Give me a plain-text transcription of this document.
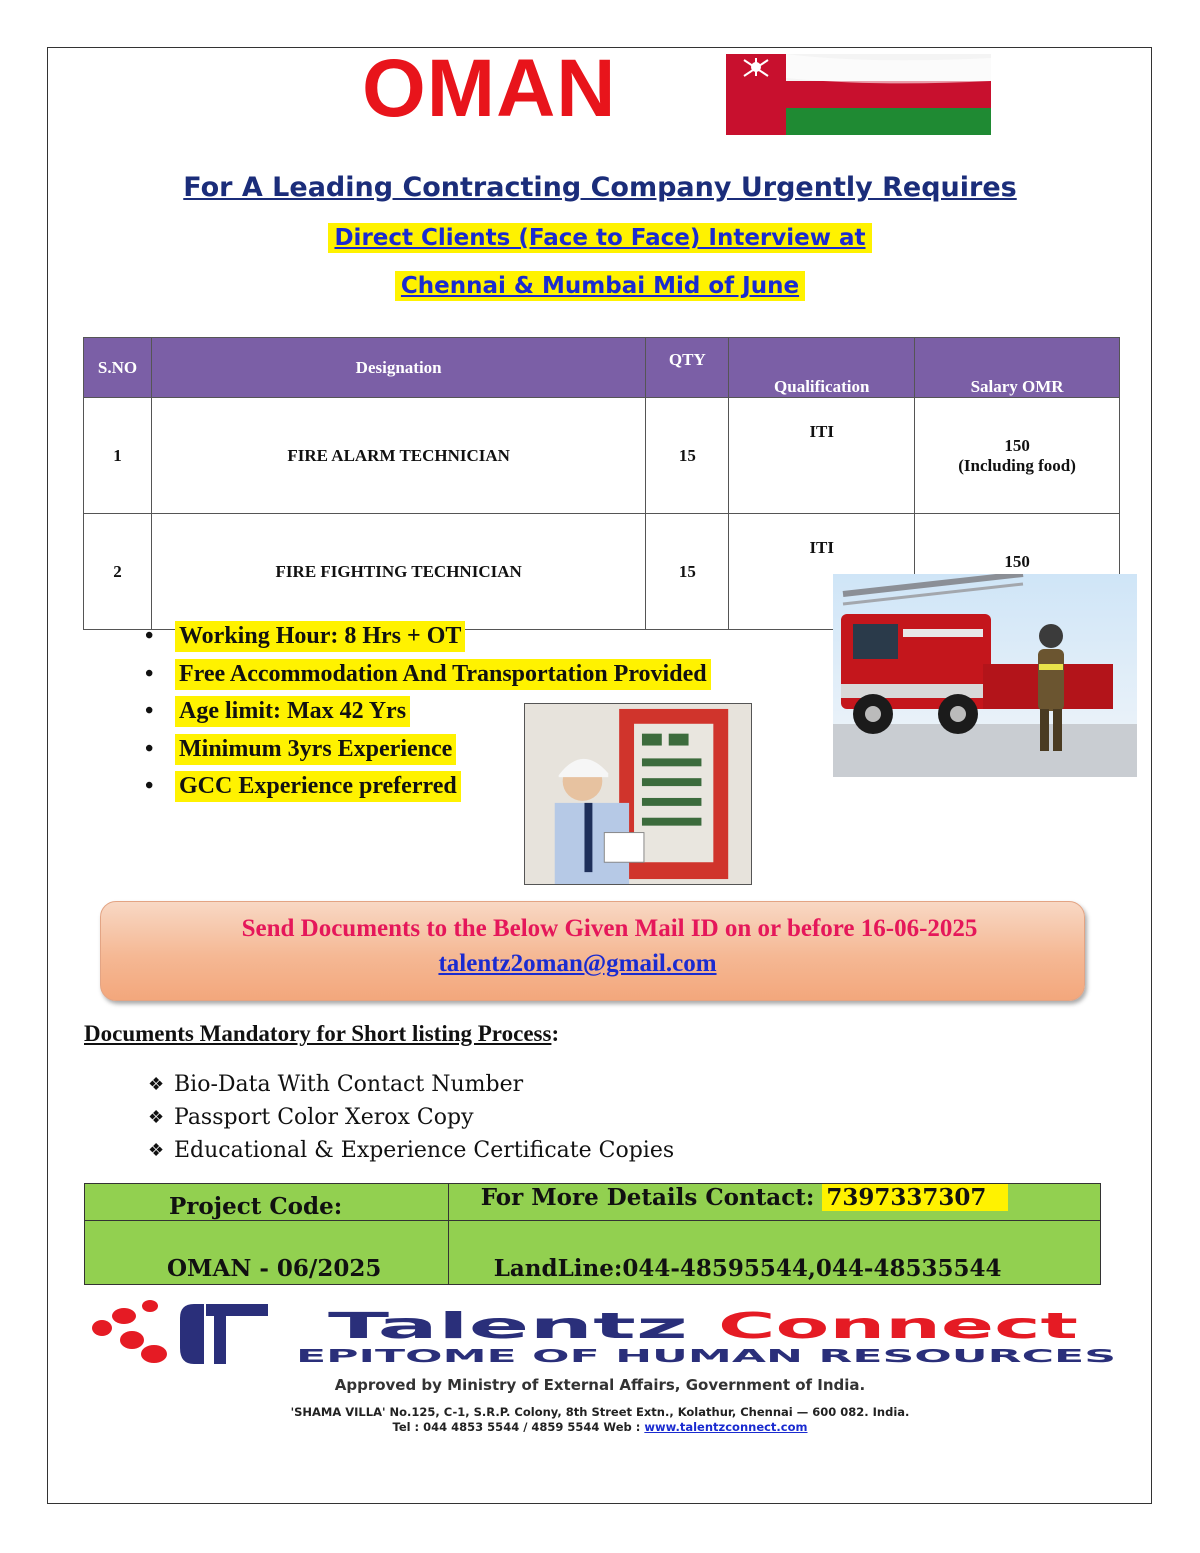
OMAN
For A Leading Contracting Company Urgently Requires
Direct Clients (Face to Face) Interview at
Chennai & Mumbai Mid of June
S.NO	Designation	QTY	Qualification	Salary OMR
1	FIRE ALARM TECHNICIAN	15	ITI	150
(Including food)

2	FIRE FIGHTING TECHNICIAN	15	ITI	150
•	Working Hour: 8 Hrs + OT
•	Free Accommodation And Transportation Provided
•	Age limit: Max 42 Yrs
•	Minimum 3yrs Experience
•	GCC Experience preferred
Send Documents to the Below Given Mail ID on or before 16-06-2025
talentz2oman@gmail.com
Documents Mandatory for Short listing Process:
❖ Bio-Data With Contact Number
❖ Passport Color Xerox Copy
❖ Educational & Experience Certificate Copies
Project Code:	For More Details Contact: 7397337307
OMAN - 06/2025	LandLine:044-48595544,044-48535544
Talentz Connect
EPITOME OF HUMAN RESOURCES
Approved by Ministry of External Affairs, Government of India.
'SHAMA VILLA' No.125, C-1, S.R.P. Colony, 8th Street Extn., Kolathur, Chennai — 600 082. India.
Tel : 044 4853 5544 / 4859 5544 Web : www.talentzconnect.com
